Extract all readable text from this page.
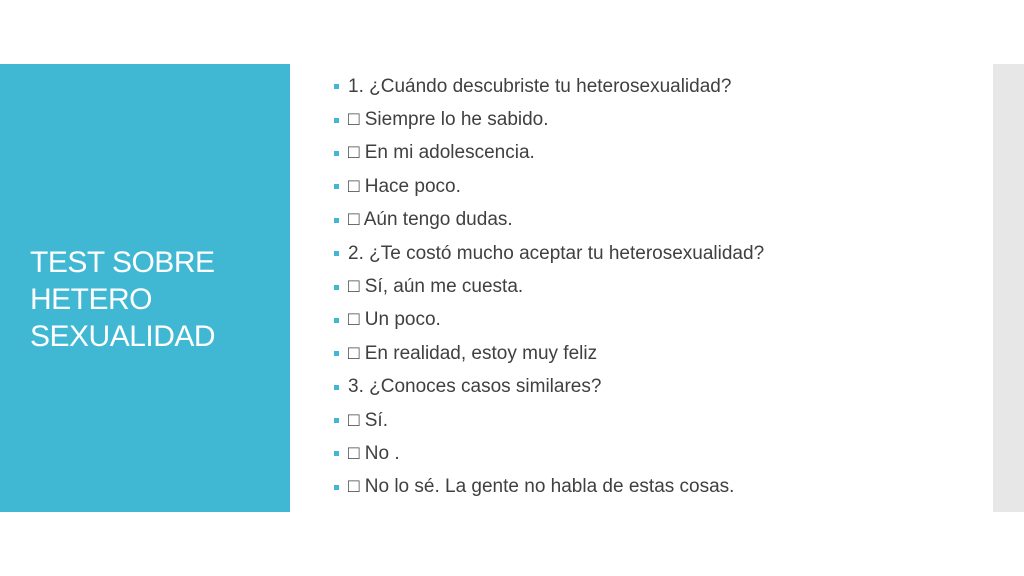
TEST SOBRE
HETERO
SEXUALIDAD
1. ¿Cuándo descubriste tu heterosexualidad?
□ Siempre lo he sabido.
□ En mi adolescencia.
□ Hace poco.
□ Aún tengo dudas.
2. ¿Te costó mucho aceptar tu heterosexualidad?
□ Sí, aún me cuesta.
□ Un poco.
□ En realidad, estoy muy feliz
3. ¿Conoces casos similares?
□ Sí.
□ No .
□ No lo sé. La gente no habla de estas cosas.
